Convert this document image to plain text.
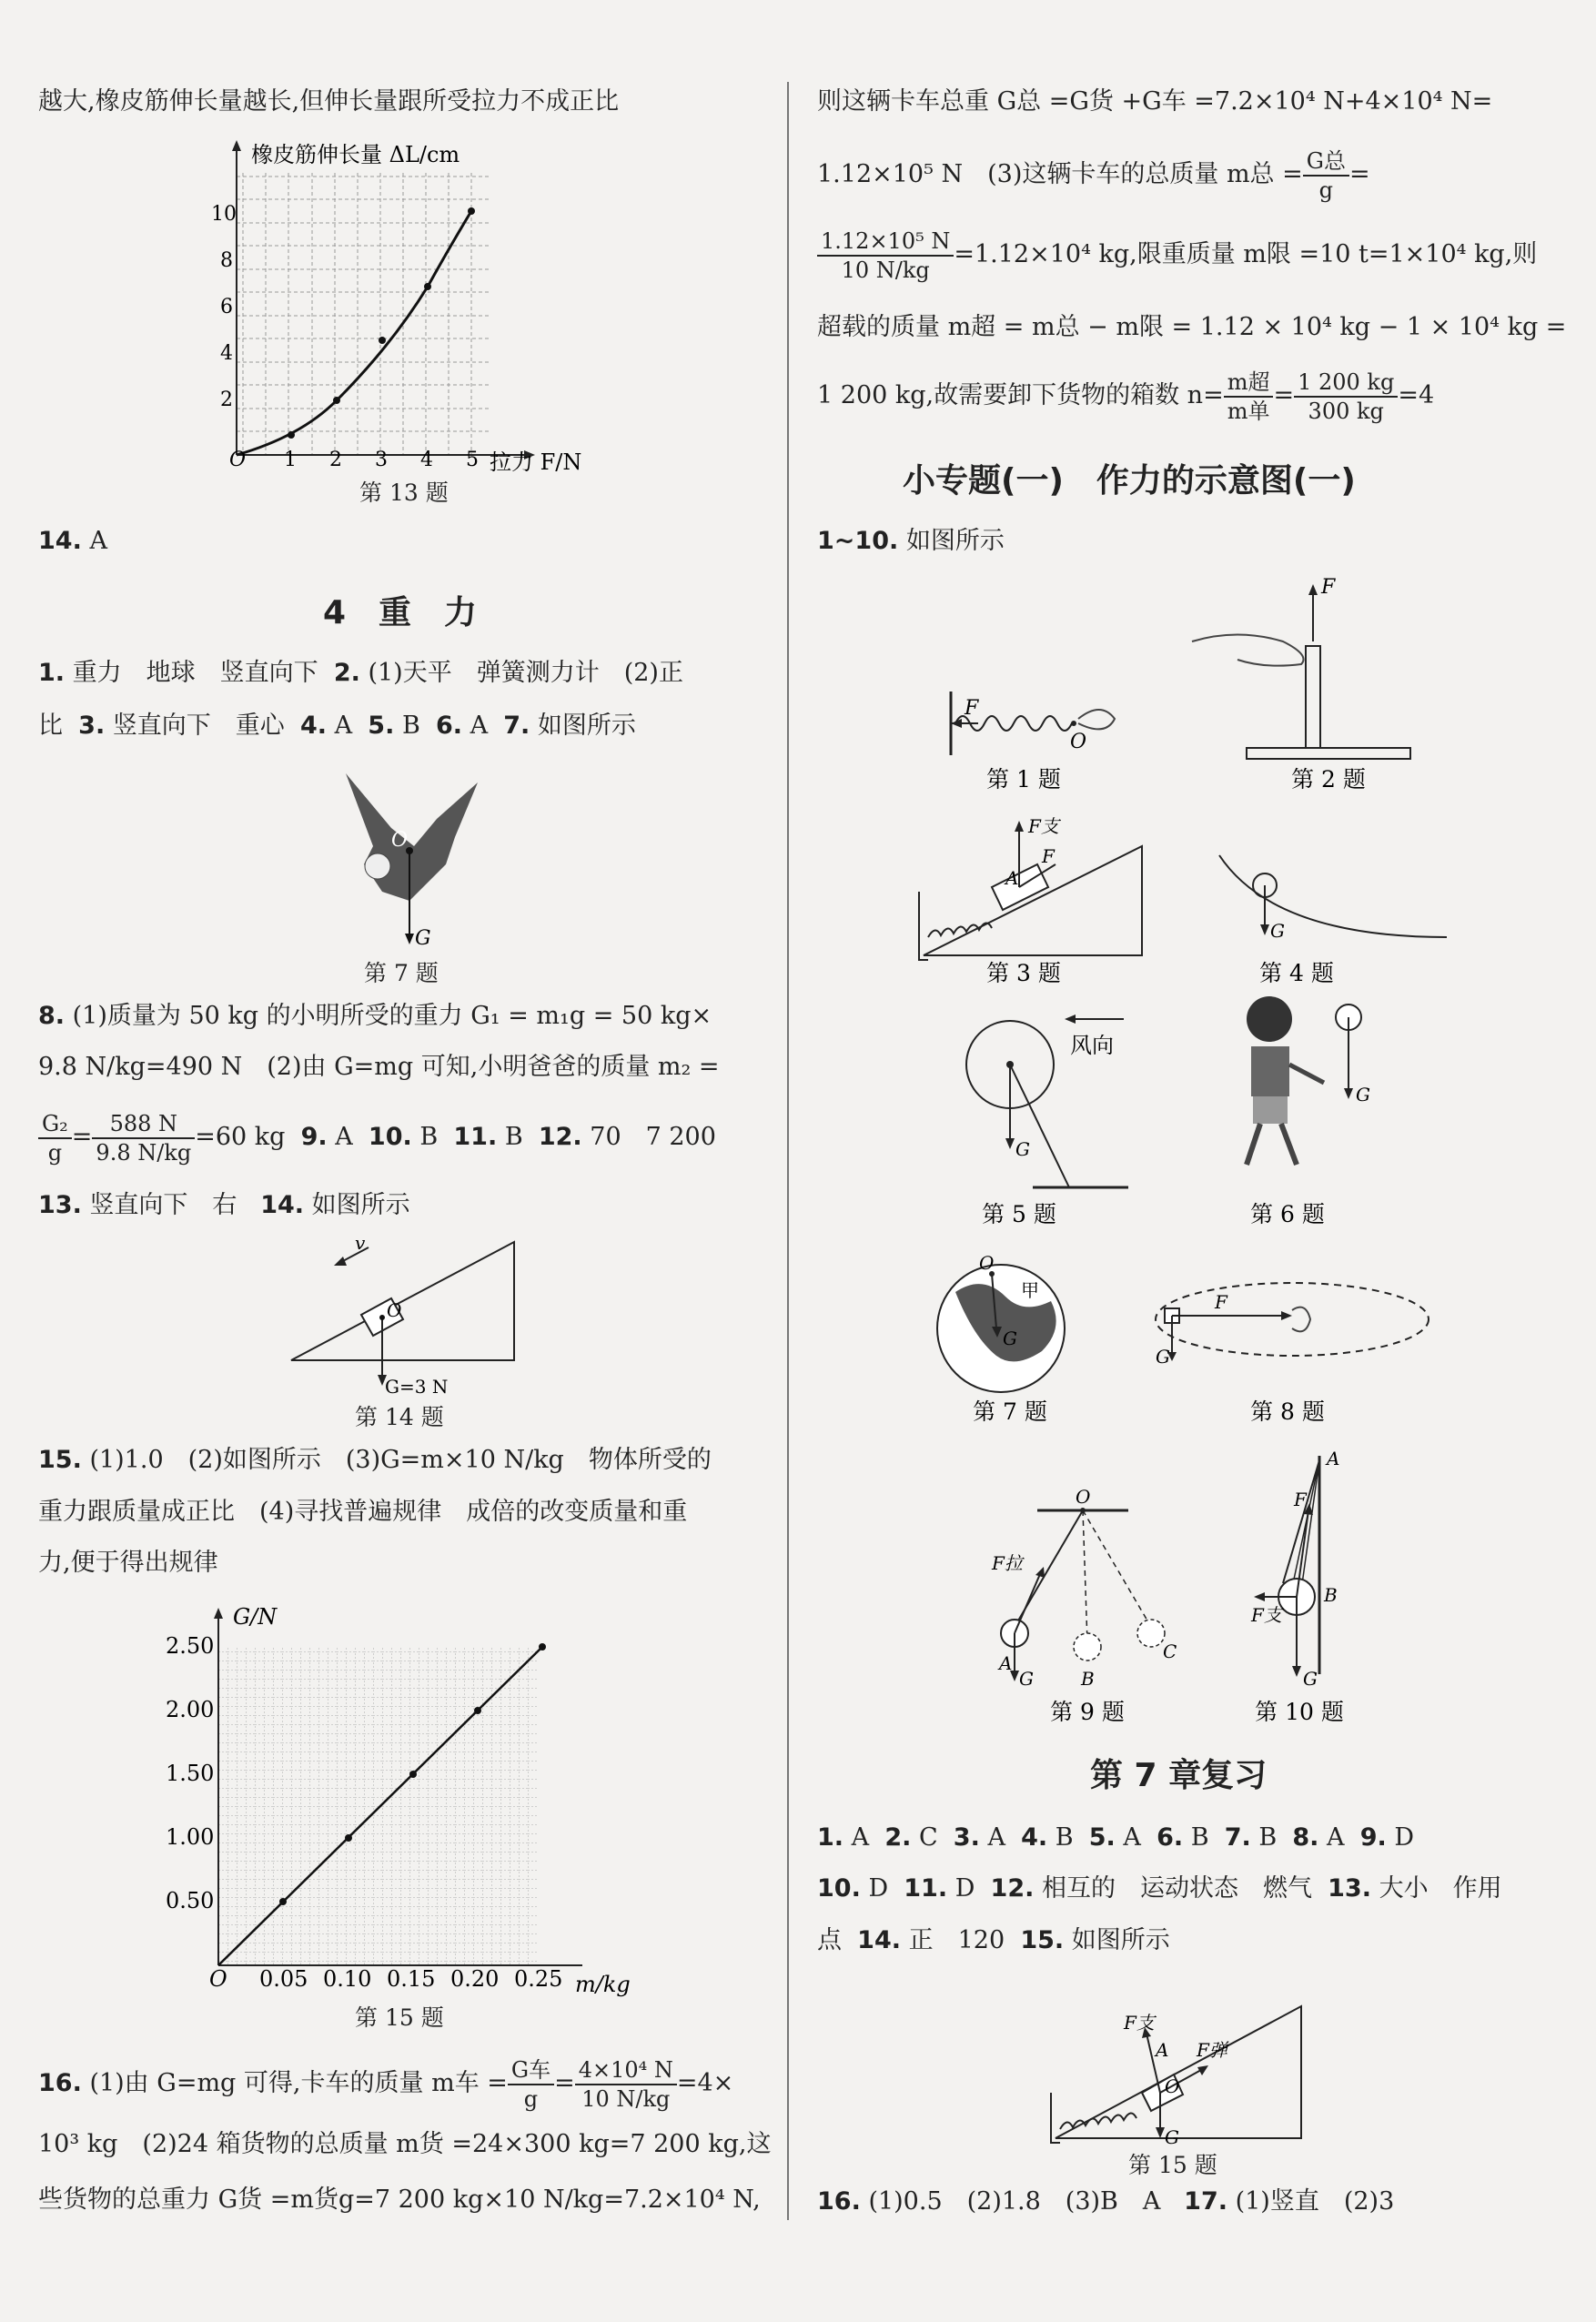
越大,橡皮筋伸长量越长,但伸长量跟所受拉力不成正比
橡皮筋伸长量 ΔL/cm
10
8
6
4
2
O 1 2 3 4 5 拉力 F/N
第 13 题
14. A
4　重　力
1. 重力　地球　竖直向下 2. (1)天平　弹簧测力计　(2)正
比 3. 竖直向下　重心 4. A 5. B 6. A 7. 如图所示
O
G
第 7 题
8. (1)质量为 50 kg 的小明所受的重力 G₁ = m₁g = 50 kg×
9.8 N/kg=490 N　(2)由 G=mg 可知,小明爸爸的质量 m₂ =
$\frac{\text{G₂}}{g} = \frac{588 N}{9.8 N/kg} =60$ kg 9. A 10. B 11. B 12. 70　7 200
13. 竖直向下　右 14. 如图所示
v
O
G=3 N
第 14 题
15. (1)1.0　(2)如图所示　(3)G=m×10 N/kg　物体所受的
重力跟质量成正比　(4)寻找普遍规律　成倍的改变质量和重
力,便于得出规律
G/N
2.50
2.00
1.50
1.00
0.50
O 0.05 0.10 0.15 0.20 0.25 m/kg
第 15 题
16. (1)由 G=mg 可得,卡车的质量 m车 = $\frac{\text{G车}}{g} = \frac{\text{4×10⁴ N}}{10 N/kg} =4\times$
10³ kg　(2)24 箱货物的总质量 m货 =24×300 kg=7 200 kg,这
些货物的总重力 G货 =m货g=7 200 kg×10 N/kg=7.2×10⁴ N,
则这辆卡车总重 G总 =G货 +G车 =7.2×10⁴ N+4×10⁴ N=
1.12×10⁵ N　(3)这辆卡车的总质量 m总 = $\frac{\text{G总}}{g}$ =
$\frac{\text{1.12×10⁵ N}}{10 N/kg} =1.12\times 10^4$ kg,限重质量 m限 =10 t=1×10⁴ kg,则
超载的质量 m超 = m总 − m限 = 1.12 × 10⁴ kg − 1 × 10⁴ kg =
1 200 kg,故需要卸下货物的箱数 $n= \frac{\text{m超}}{\text{m单}} = \frac{1 200 kg}{300 kg} =4$
小专题(一)　作力的示意图(一)
1~10. 如图所示
F
O
第 1 题
F
第 2 题
F支
F
A
第 3 题
G
第 4 题
风向
G
第 5 题
G
第 6 题
O
甲
G
第 7 题
F
G
第 8 题
O
F拉
A
G	B
C
第 9 题
A
F
B
F支
G
第 10 题
第 7 章复习
1. A 2. C 3. A 4. B 5. A 6. B 7. B 8. A 9. D
10. D 11. D 12. 相互的　运动状态　燃气 13. 大小　作用
点 14. 正　120 15. 如图所示
F支
F弹
A
O
G
第 15 题
16. (1)0.5　(2)1.8　(3)B　A 17. (1)竖直　(2)3
